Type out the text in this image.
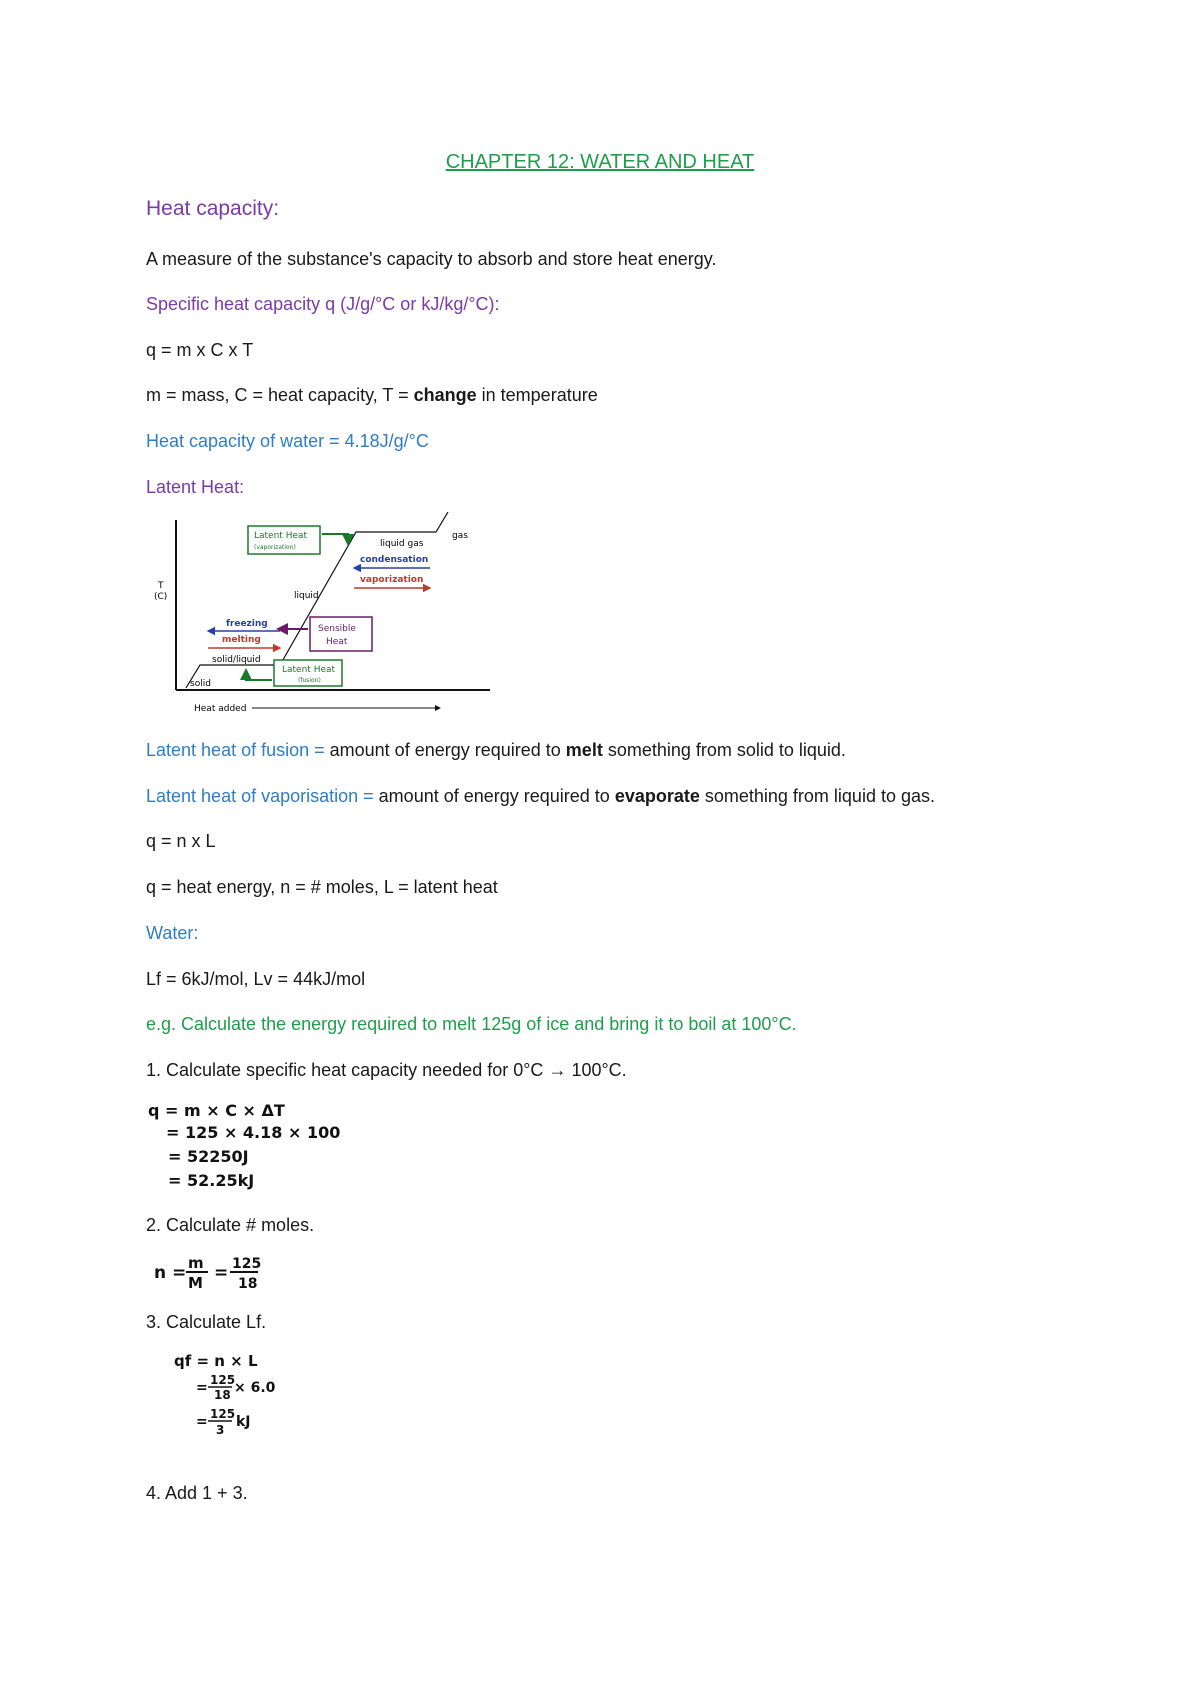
CHAPTER 12: WATER AND HEAT
Heat capacity:
A measure of the substance's capacity to absorb and store heat energy.
Specific heat capacity q (J/g/°C or kJ/kg/°C):
q = m x C x T
m = mass, C = heat capacity, T = change in temperature
Heat capacity of water = 4.18J/g/°C
Latent Heat:
T
(C)
Heat added
solid
solid/liquid
liquid
liquid gas
gas
condensation
vaporization
freezing
melting
Latent Heat
(vaporization)
Sensible
Heat
Latent Heat
(fusion)
Latent heat of fusion = amount of energy required to melt something from solid to liquid.
Latent heat of vaporisation = amount of energy required to evaporate something from liquid to gas.
q = n x L
q = heat energy, n = # moles, L = latent heat
Water:
Lf = 6kJ/mol, Lv = 44kJ/mol
e.g. Calculate the energy required to melt 125g of ice and bring it to boil at 100°C.
1. Calculate specific heat capacity needed for 0°C → 100°C.
q = m × C × ΔT
= 125 × 4.18 × 100
= 52250J
= 52.25kJ
2. Calculate # moles.
n = m
M = 125
18
3. Calculate Lf.
qf = n × L
= 125
18 × 6.0
= 125
3 kJ
4. Add 1 + 3.
